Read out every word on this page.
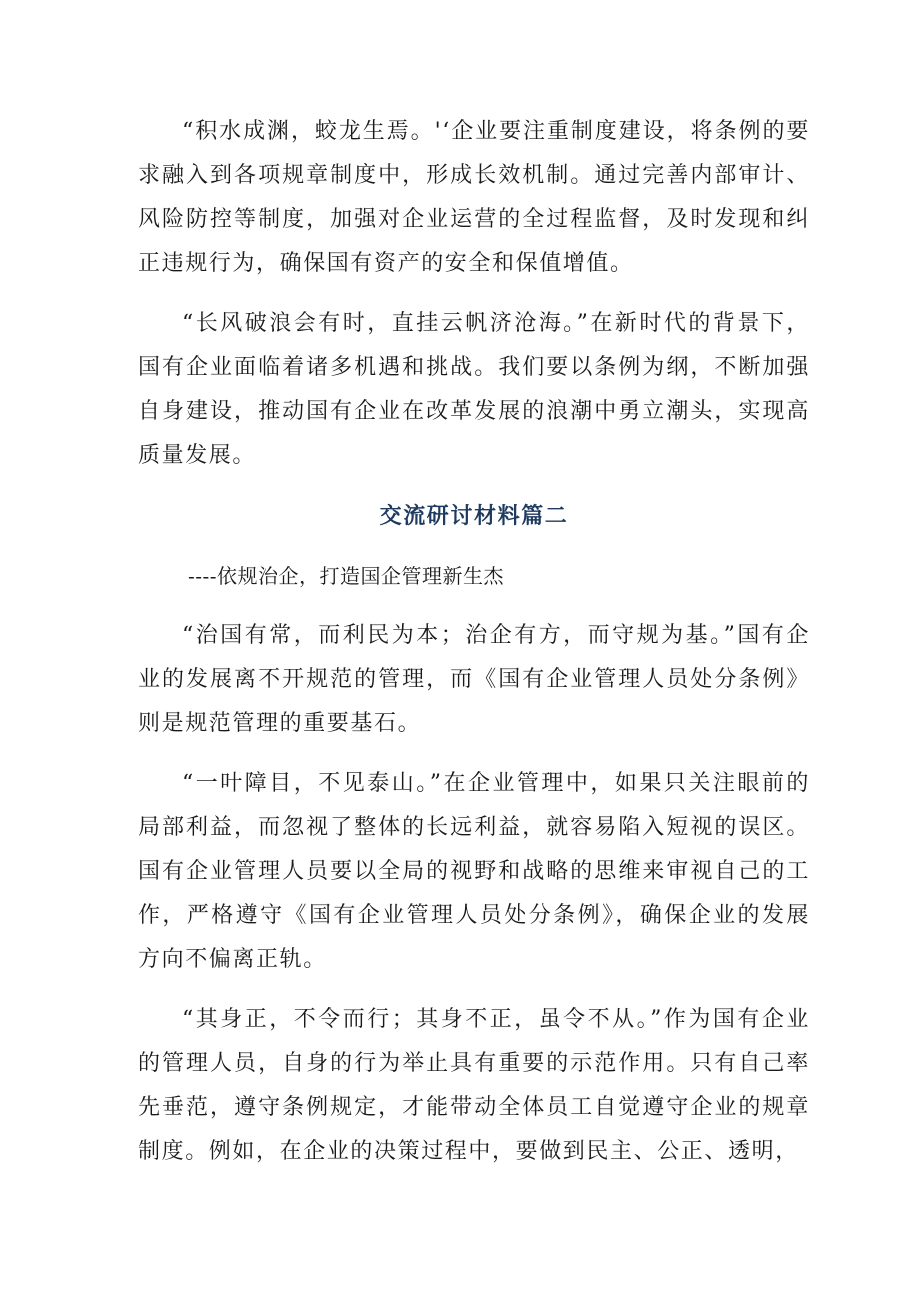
“积水成渊，蛟龙生焉。'‘企业要注重制度建设，将条例的要求融入到各项规章制度中，形成长效机制。通过完善内部审计、风险防控等制度，加强对企业运营的全过程监督，及时发现和纠正违规行为，确保国有资产的安全和保值增值。

“长风破浪会有时，直挂云帆济沧海。”在新时代的背景下，国有企业面临着诸多机遇和挑战。我们要以条例为纲，不断加强自身建设，推动国有企业在改革发展的浪潮中勇立潮头，实现高质量发展。

交流研讨材料篇二
----依规治企，打造国企管理新生杰

“治国有常，而利民为本；治企有方，而守规为基。”国有企业的发展离不开规范的管理，而《国有企业管理人员处分条例》则是规范管理的重要基石。

“一叶障目，不见泰山。”在企业管理中，如果只关注眼前的局部利益，而忽视了整体的长远利益，就容易陷入短视的误区。国有企业管理人员要以全局的视野和战略的思维来审视自己的工作，严格遵守《国有企业管理人员处分条例》，确保企业的发展方向不偏离正轨。

“其身正，不令而行；其身不正，虽令不从。”作为国有企业的管理人员，自身的行为举止具有重要的示范作用。只有自己率先垂范，遵守条例规定，才能带动全体员工自觉遵守企业的规章制度。例如，在企业的决策过程中，要做到民主、公正、透明，
